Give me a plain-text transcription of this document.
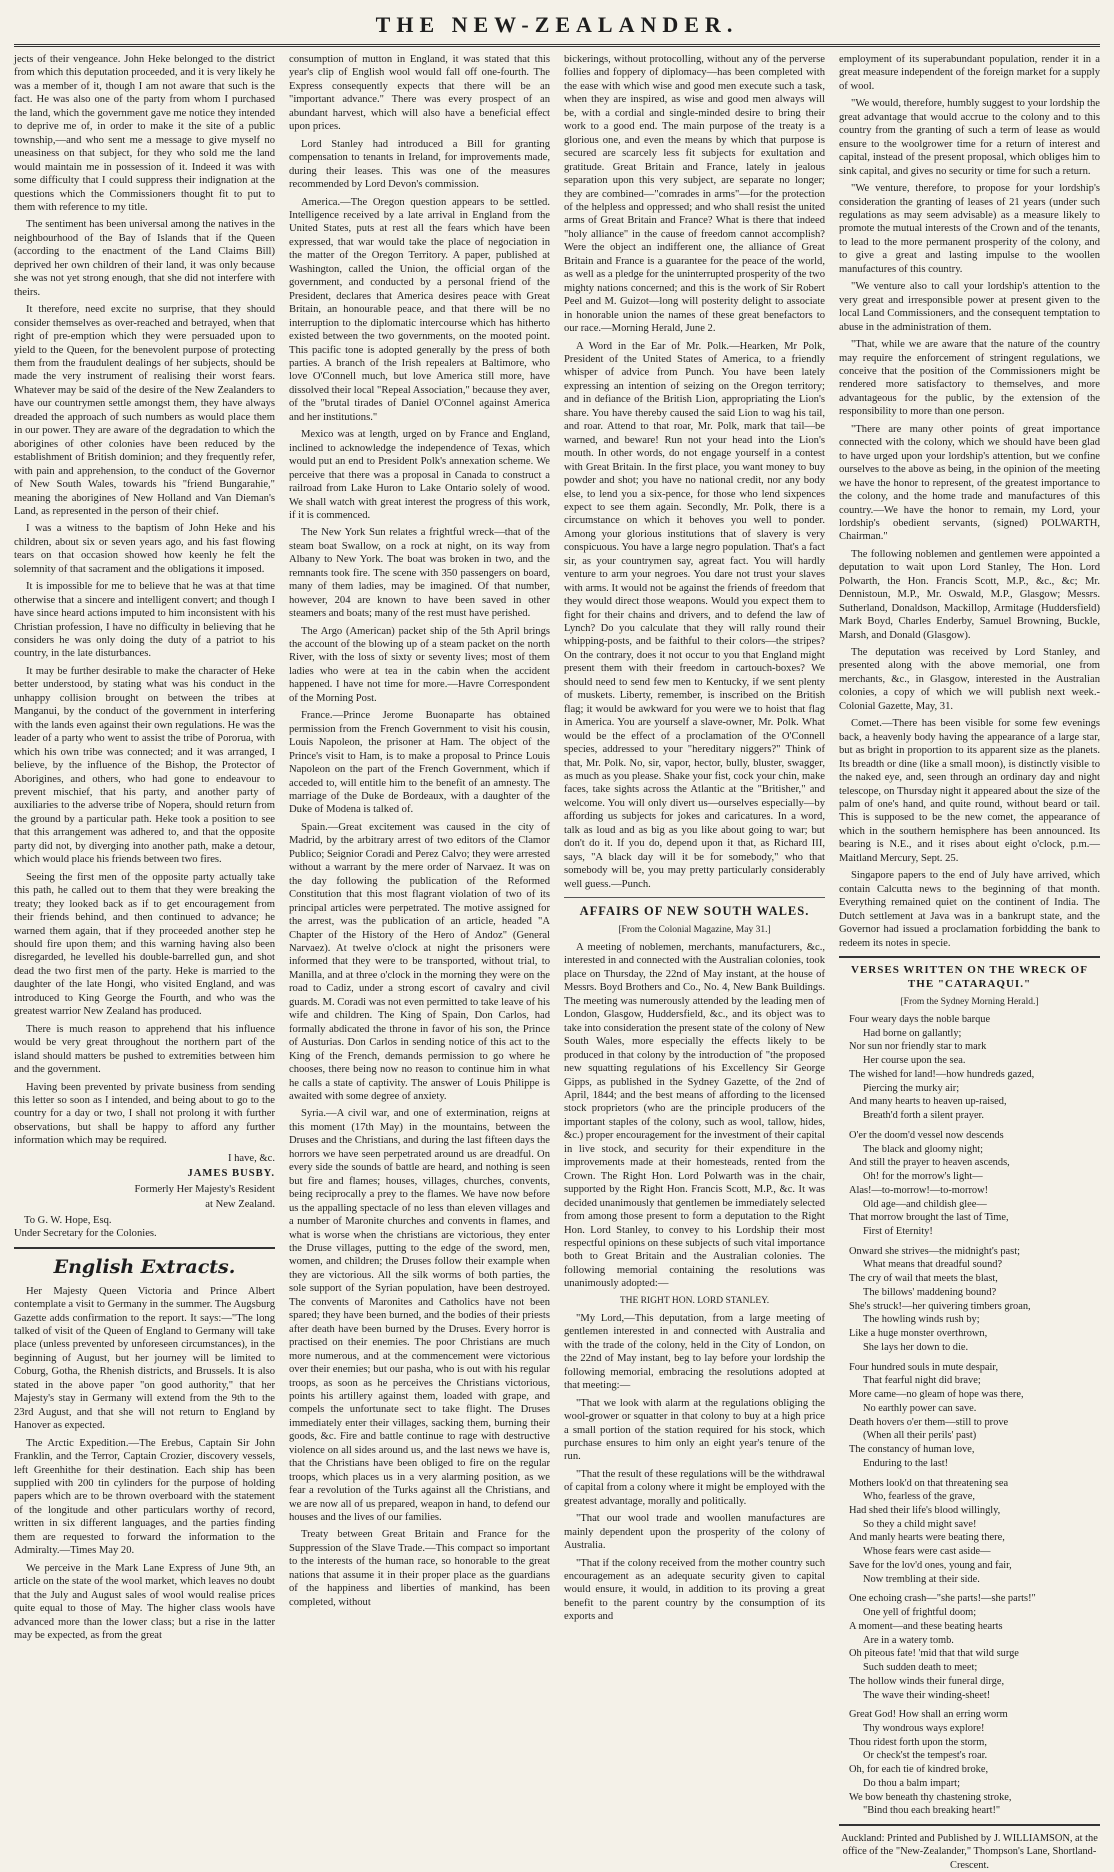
THE NEW-ZEALANDER.

jects of their vengeance. John Heke belonged to the district from which this deputation proceeded, and it is very likely he was a member of it, though I am not aware that such is the fact. He was also one of the party from whom I purchased the land, which the government gave me notice they intended to deprive me of, in order to make it the site of a public township,—and who sent me a message to give myself no uneasiness on that subject, for they who sold me the land would maintain me in possession of it. Indeed it was with some difficulty that I could suppress their indignation at the questions which the Commissioners thought fit to put to them with reference to my title.

The sentiment has been universal among the natives in the neighbourhood of the Bay of Islands that if the Queen (according to the enactment of the Land Claims Bill) deprived her own children of their land, it was only because she was not yet strong enough, that she did not interfere with theirs.

It therefore, need excite no surprise, that they should consider themselves as over-reached and betrayed, when that right of pre-emption which they were persuaded upon to yield to the Queen, for the benevolent purpose of protecting them from the fraudulent dealings of her subjects, should be made the very instrument of realising their worst fears. Whatever may be said of the desire of the New Zealanders to have our countrymen settle amongst them, they have always dreaded the approach of such numbers as would place them in our power. They are aware of the degradation to which the aborigines of other colonies have been reduced by the establishment of British dominion; and they frequently refer, with pain and apprehension, to the conduct of the Governor of New South Wales, towards his "friend Bungarahie," meaning the aborigines of New Holland and Van Dieman's Land, as represented in the person of their chief.

I was a witness to the baptism of John Heke and his children, about six or seven years ago, and his fast flowing tears on that occasion showed how keenly he felt the solemnity of that sacrament and the obligations it imposed.

It is impossible for me to believe that he was at that time otherwise that a sincere and intelligent convert; and though I have since heard actions imputed to him inconsistent with his Christian profession, I have no difficulty in believing that he considers he was only doing the duty of a patriot to his country, in the late disturbances.

It may be further desirable to make the character of Heke better understood, by stating what was his conduct in the unhappy collision brought on between the tribes at Manganui, by the conduct of the government in interfering with the lands even against their own regulations. He was the leader of a party who went to assist the tribe of Pororua, with which his own tribe was connected; and it was arranged, I believe, by the influence of the Bishop, the Protector of Aborigines, and others, who had gone to endeavour to prevent mischief, that his party, and another party of auxiliaries to the adverse tribe of Nopera, should return from the ground by a particular path. Heke took a position to see that this arrangement was adhered to, and that the opposite party did not, by diverging into another path, make a detour, which would place his friends between two fires.

Seeing the first men of the opposite party actually take this path, he called out to them that they were breaking the treaty; they looked back as if to get encouragement from their friends behind, and then continued to advance; he warned them again, that if they proceeded another step he should fire upon them; and this warning having also been disregarded, he levelled his double-barrelled gun, and shot dead the two first men of the party. Heke is married to the daughter of the late Hongi, who visited England, and was introduced to King George the Fourth, and who was the greatest warrior New Zealand has produced.

There is much reason to apprehend that his influence would be very great throughout the northern part of the island should matters be pushed to extremities between him and the government.

Having been prevented by private business from sending this letter so soon as I intended, and being about to go to the country for a day or two, I shall not prolong it with further observations, but shall be happy to afford any further information which may be required.

I have, &c.
JAMES BUSBY.
Formerly Her Majesty's Resident
at New Zealand.
To G. W. Hope, Esq.
Under Secretary for the Colonies.
English Extracts.

Her Majesty Queen Victoria and Prince Albert contemplate a visit to Germany in the summer. The Augsburg Gazette adds confirmation to the report. It says:—"The long talked of visit of the Queen of England to Germany will take place (unless prevented by unforeseen circumstances), in the beginning of August, but her journey will be limited to Coburg, Gotha, the Rhenish districts, and Brussels. It is also stated in the above paper "on good authority," that her Majesty's stay in Germany will extend from the 9th to the 23rd August, and that she will not return to England by Hanover as expected.

The Arctic Expedition.—The Erebus, Captain Sir John Franklin, and the Terror, Captain Crozier, discovery vessels, left Greenhithe for their destination. Each ship has been supplied with 200 tin cylinders for the purpose of holding papers which are to be thrown overboard with the statement of the longitude and other particulars worthy of record, written in six different languages, and the parties finding them are requested to forward the information to the Admiralty.—Times May 20.

We perceive in the Mark Lane Express of June 9th, an article on the state of the wool market, which leaves no doubt that the July and August sales of wool would realise prices quite equal to those of May. The higher class wools have advanced more than the lower class; but a rise in the latter may be expected, as from the great

consumption of mutton in England, it was stated that this year's clip of English wool would fall off one-fourth. The Express consequently expects that there will be an "important advance." There was every prospect of an abundant harvest, which will also have a beneficial effect upon prices.

Lord Stanley had introduced a Bill for granting compensation to tenants in Ireland, for improvements made, during their leases. This was one of the measures recommended by Lord Devon's commission.

America.—The Oregon question appears to be settled. Intelligence received by a late arrival in England from the United States, puts at rest all the fears which have been expressed, that war would take the place of negociation in the matter of the Oregon Territory. A paper, published at Washington, called the Union, the official organ of the government, and conducted by a personal friend of the President, declares that America desires peace with Great Britain, an honourable peace, and that there will be no interruption to the diplomatic intercourse which has hitherto existed between the two governments, on the mooted point. This pacific tone is adopted generally by the press of both parties. A branch of the Irish repealers at Baltimore, who love O'Connell much, but love America still more, have dissolved their local "Repeal Association," because they aver, of the "brutal tirades of Daniel O'Connel against America and her institutions."

Mexico was at length, urged on by France and England, inclined to acknowledge the independence of Texas, which would put an end to President Polk's annexation scheme. We perceive that there was a proposal in Canada to construct a railroad from Lake Huron to Lake Ontario solely of wood. We shall watch with great interest the progress of this work, if it is commenced.

The New York Sun relates a frightful wreck—that of the steam boat Swallow, on a rock at night, on its way from Albany to New York. The boat was broken in two, and the remnants took fire. The scene with 350 passengers on board, many of them ladies, may be imagined. Of that number, however, 204 are known to have been saved in other steamers and boats; many of the rest must have perished.

The Argo (American) packet ship of the 5th April brings the account of the blowing up of a steam packet on the north River, with the loss of sixty or seventy lives; most of them ladies who were at tea in the cabin when the accident happened. I have not time for more.—Havre Correspondent of the Morning Post.

France.—Prince Jerome Buonaparte has obtained permission from the French Government to visit his cousin, Louis Napoleon, the prisoner at Ham. The object of the Prince's visit to Ham, is to make a proposal to Prince Louis Napoleon on the part of the French Government, which if acceded to, will entitle him to the benefit of an amnesty. The marriage of the Duke de Bordeaux, with a daughter of the Duke of Modena is talked of.

Spain.—Great excitement was caused in the city of Madrid, by the arbitrary arrest of two editors of the Clamor Publico; Seignior Coradi and Perez Calvo; they were arrested without a warrant by the mere order of Narvaez. It was on the day following the publication of the Reformed Constitution that this most flagrant violation of two of its principal articles were perpetrated. The motive assigned for the arrest, was the publication of an article, headed "A Chapter of the History of the Hero of Andoz" (General Narvaez). At twelve o'clock at night the prisoners were informed that they were to be transported, without trial, to Manilla, and at three o'clock in the morning they were on the road to Cadiz, under a strong escort of cavalry and civil guards. M. Coradi was not even permitted to take leave of his wife and children. The King of Spain, Don Carlos, had formally abdicated the throne in favor of his son, the Prince of Austurias. Don Carlos in sending notice of this act to the King of the French, demands permission to go where he chooses, there being now no reason to continue him in what he calls a state of captivity. The answer of Louis Philippe is awaited with some degree of anxiety.

Syria.—A civil war, and one of extermination, reigns at this moment (17th May) in the mountains, between the Druses and the Christians, and during the last fifteen days the horrors we have seen perpetrated around us are dreadful. On every side the sounds of battle are heard, and nothing is seen but fire and flames; houses, villages, churches, convents, being reciprocally a prey to the flames. We have now before us the appalling spectacle of no less than eleven villages and a number of Maronite churches and convents in flames, and what is worse when the christians are victorious, they enter the Druse villages, putting to the edge of the sword, men, women, and children; the Druses follow their example when they are victorious. All the silk worms of both parties, the sole support of the Syrian population, have been destroyed. The convents of Maronites and Catholics have not been spared; they have been burned, and the bodies of their priests after death have been burned by the Druses. Every horror is practised on their enemies. The poor Christians are much more numerous, and at the commencement were victorious over their enemies; but our pasha, who is out with his regular troops, as soon as he perceives the Christians victorious, points his artillery against them, loaded with grape, and compels the unfortunate sect to take flight. The Druses immediately enter their villages, sacking them, burning their goods, &c. Fire and battle continue to rage with destructive violence on all sides around us, and the last news we have is, that the Christians have been obliged to fire on the regular troops, which places us in a very alarming position, as we fear a revolution of the Turks against all the Christians, and we are now all of us prepared, weapon in hand, to defend our houses and the lives of our families.

Treaty between Great Britain and France for the Suppression of the Slave Trade.—This compact so important to the interests of the human race, so honorable to the great nations that assume it in their proper place as the guardians of the happiness and liberties of mankind, has been completed, without

bickerings, without protocolling, without any of the perverse follies and foppery of diplomacy—has been completed with the ease with which wise and good men execute such a task, when they are inspired, as wise and good men always will be, with a cordial and single-minded desire to bring their work to a good end. The main purpose of the treaty is a glorious one, and even the means by which that purpose is secured are scarcely less fit subjects for exultation and gratitude. Great Britain and France, lately in jealous separation upon this very subject, are separate no longer; they are combined—"comrades in arms"—for the protection of the helpless and oppressed; and who shall resist the united arms of Great Britain and France? What is there that indeed "holy alliance" in the cause of freedom cannot accomplish? Were the object an indifferent one, the alliance of Great Britain and France is a guarantee for the peace of the world, as well as a pledge for the uninterrupted prosperity of the two mighty nations concerned; and this is the work of Sir Robert Peel and M. Guizot—long will posterity delight to associate in honorable union the names of these great benefactors to our race.—Morning Herald, June 2.

A Word in the Ear of Mr. Polk.—Hearken, Mr Polk, President of the United States of America, to a friendly whisper of advice from Punch. You have been lately expressing an intention of seizing on the Oregon territory; and in defiance of the British Lion, appropriating the Lion's share. You have thereby caused the said Lion to wag his tail, and roar. Attend to that roar, Mr. Polk, mark that tail—be warned, and beware! Run not your head into the Lion's mouth. In other words, do not engage yourself in a contest with Great Britain. In the first place, you want money to buy powder and shot; you have no national credit, nor any body else, to lend you a six-pence, for those who lend sixpences expect to see them again. Secondly, Mr. Polk, there is a circumstance on which it behoves you well to ponder. Among your glorious institutions that of slavery is very conspicuous. You have a large negro population. That's a fact sir, as your countrymen say, agreat fact. You will hardly venture to arm your negroes. You dare not trust your slaves with arms. It would not be against the friends of freedom that they would direct those weapons. Would you expect them to fight for their chains and drivers, and to defend the law of Lynch? Do you calculate that they will rally round their whipping-posts, and be faithful to their colors—the stripes? On the contrary, does it not occur to you that England might present them with their freedom in cartouch-boxes? We should need to send few men to Kentucky, if we sent plenty of muskets. Liberty, remember, is inscribed on the British flag; it would be awkward for you were we to hoist that flag in America. You are yourself a slave-owner, Mr. Polk. What would be the effect of a proclamation of the O'Connell species, addressed to your "hereditary niggers?" Think of that, Mr. Polk. No, sir, vapor, hector, bully, bluster, swagger, as much as you please. Shake your fist, cock your chin, make faces, take sights across the Atlantic at the "Britisher," and welcome. You will only divert us—ourselves especially—by affording us subjects for jokes and caricatures. In a word, talk as loud and as big as you like about going to war; but don't do it. If you do, depend upon it that, as Richard III, says, "A black day will it be for somebody," who that somebody will be, you may pretty particularly considerably well guess.—Punch.

AFFAIRS OF NEW SOUTH WALES.
[From the Colonial Magazine, May 31.]

A meeting of noblemen, merchants, manufacturers, &c., interested in and connected with the Australian colonies, took place on Thursday, the 22nd of May instant, at the house of Messrs. Boyd Brothers and Co., No. 4, New Bank Buildings. The meeting was numerously attended by the leading men of London, Glasgow, Huddersfield, &c., and its object was to take into consideration the present state of the colony of New South Wales, more especially the effects likely to be produced in that colony by the introduction of "the proposed new squatting regulations of his Excellency Sir George Gipps, as published in the Sydney Gazette, of the 2nd of April, 1844; and the best means of affording to the licensed stock proprietors (who are the principle producers of the important staples of the colony, such as wool, tallow, hides, &c.) proper encouragement for the investment of their capital in live stock, and security for their expenditure in the improvements made at their homesteads, rented from the Crown. The Right Hon. Lord Polwarth was in the chair, supported by the Right Hon. Francis Scott, M.P., &c. It was decided unanimously that gentlemen be immediately selected from among those present to form a deputation to the Right Hon. Lord Stanley, to convey to his Lordship their most respectful opinions on these subjects of such vital importance both to Great Britain and the Australian colonies. The following memorial containing the resolutions was unanimously adopted:—

THE RIGHT HON. LORD STANLEY.

"My Lord,—This deputation, from a large meeting of gentlemen interested in and connected with Australia and with the trade of the colony, held in the City of London, on the 22nd of May instant, beg to lay before your lordship the following memorial, embracing the resolutions adopted at that meeting:—

"That we look with alarm at the regulations obliging the wool-grower or squatter in that colony to buy at a high price a small portion of the station required for his stock, which purchase ensures to him only an eight year's tenure of the run.

"That the result of these regulations will be the withdrawal of capital from a colony where it might be employed with the greatest advantage, morally and politically.

"That our wool trade and woollen manufactures are mainly dependent upon the prosperity of the colony of Australia.

"That if the colony received from the mother country such encouragement as an adequate security given to capital would ensure, it would, in addition to its proving a great benefit to the parent country by the consumption of its exports and

employment of its superabundant population, render it in a great measure independent of the foreign market for a supply of wool.

"We would, therefore, humbly suggest to your lordship the great advantage that would accrue to the colony and to this country from the granting of such a term of lease as would ensure to the woolgrower time for a return of interest and capital, instead of the present proposal, which obliges him to sink capital, and gives no security or time for such a return.

"We venture, therefore, to propose for your lordship's consideration the granting of leases of 21 years (under such regulations as may seem advisable) as a measure likely to promote the mutual interests of the Crown and of the tenants, to lead to the more permanent prosperity of the colony, and to give a great and lasting impulse to the woollen manufactures of this country.

"We venture also to call your lordship's attention to the very great and irresponsible power at present given to the local Land Commissioners, and the consequent temptation to abuse in the administration of them.

"That, while we are aware that the nature of the country may require the enforcement of stringent regulations, we conceive that the position of the Commissioners might be rendered more satisfactory to themselves, and more advantageous for the public, by the extension of the responsibility to more than one person.

"There are many other points of great importance connected with the colony, which we should have been glad to have urged upon your lordship's attention, but we confine ourselves to the above as being, in the opinion of the meeting we have the honor to represent, of the greatest importance to the colony, and the home trade and manufactures of this country.—We have the honor to remain, my Lord, your lordship's obedient servants, (signed) POLWARTH, Chairman."

The following noblemen and gentlemen were appointed a deputation to wait upon Lord Stanley, The Hon. Lord Polwarth, the Hon. Francis Scott, M.P., &c., &c; Mr. Dennistoun, M.P., Mr. Oswald, M.P., Glasgow; Messrs. Sutherland, Donaldson, Mackillop, Armitage (Huddersfield) Mark Boyd, Charles Enderby, Samuel Browning, Buckle, Marsh, and Donald (Glasgow).

The deputation was received by Lord Stanley, and presented along with the above memorial, one from merchants, &c., in Glasgow, interested in the Australian colonies, a copy of which we will publish next week.-Colonial Gazette, May, 31.

Comet.—There has been visible for some few evenings back, a heavenly body having the appearance of a large star, but as bright in proportion to its apparent size as the planets. Its breadth or dine (like a small moon), is distinctly visible to the naked eye, and, seen through an ordinary day and night telescope, on Thursday night it appeared about the size of the palm of one's hand, and quite round, without beard or tail. This is supposed to be the new comet, the appearance of which in the southern hemisphere has been announced. Its bearing is N.E., and it rises about eight o'clock, p.m.—Maitland Mercury, Sept. 25.

Singapore papers to the end of July have arrived, which contain Calcutta news to the beginning of that month. Everything remained quiet on the continent of India. The Dutch settlement at Java was in a bankrupt state, and the Governor had issued a proclamation forbidding the bank to redeem its notes in specie.

VERSES WRITTEN ON THE WRECK OF THE "CATARAQUI."
[From the Sydney Morning Herald.]
Four weary days the noble barque
Had borne on gallantly;
Nor sun nor friendly star to mark
Her course upon the sea.
The wished for land!—how hundreds gazed,
Piercing the murky air;
And many hearts to heaven up-raised,
Breath'd forth a silent prayer.
O'er the doom'd vessel now descends
The black and gloomy night;
And still the prayer to heaven ascends,
Oh! for the morrow's light—
Alas!—to-morrow!—to-morrow!
Old age—and childish glee—
That morrow brought the last of Time,
First of Eternity!
Onward she strives—the midnight's past;
What means that dreadful sound?
The cry of wail that meets the blast,
The billows' maddening bound?
She's struck!—her quivering timbers groan,
The howling winds rush by;
Like a huge monster overthrown,
She lays her down to die.
Four hundred souls in mute despair,
That fearful night did brave;
More came—no gleam of hope was there,
No earthly power can save.
Death hovers o'er them—still to prove
(When all their perils' past)
The constancy of human love,
Enduring to the last!
Mothers look'd on that threatening sea
Who, fearless of the grave,
Had shed their life's blood willingly,
So they a child might save!
And manly hearts were beating there,
Whose fears were cast aside—
Save for the lov'd ones, young and fair,
Now trembling at their side.
One echoing crash—"she parts!—she parts!"
One yell of frightful doom;
A moment—and these beating hearts
Are in a watery tomb.
Oh piteous fate! 'mid that that wild surge
Such sudden death to meet;
The hollow winds their funeral dirge,
The wave their winding-sheet!
Great God! How shall an erring worm
Thy wondrous ways explore!
Thou ridest forth upon the storm,
Or check'st the tempest's roar.
Oh, for each tie of kindred broke,
Do thou a balm impart;
We bow beneath thy chastening stroke,
"Bind thou each breaking heart!"
Auckland: Printed and Published by J. WILLIAMSON, at the office of the "New-Zealander," Thompson's Lane, Shortland-Crescent.
